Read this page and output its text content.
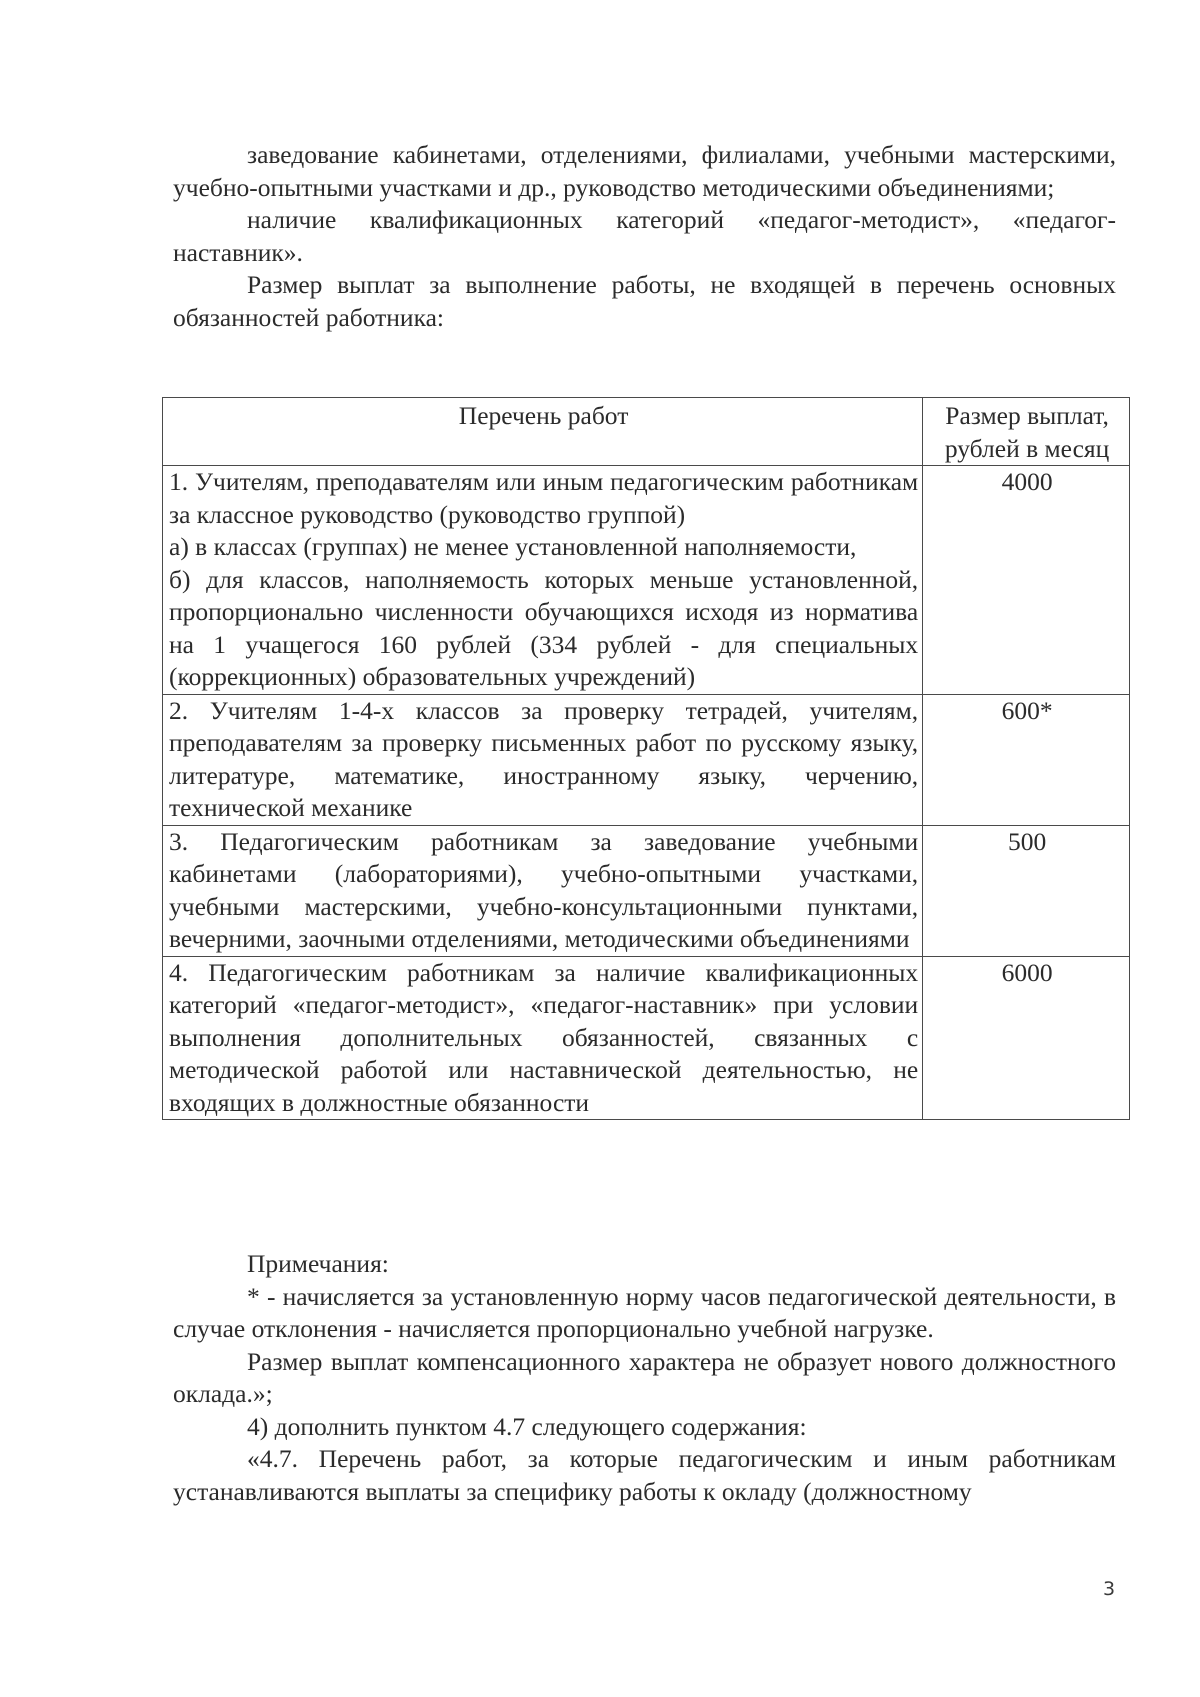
заведование кабинетами, отделениями, филиалами, учебными мастерскими, учебно-опытными участками и др., руководство методическими объединениями;

наличие квалификационных категорий «педагог-методист», «педагог-наставник».

Размер выплат за выполнение работы, не входящей в перечень основных обязанностей работника:

Перечень работ	Размер выплат, рублей в месяц

1. Учителям, преподавателям или иным педагогическим работникам за классное руководство (руководство группой)
а) в классах (группах) не менее установленной наполняемости,
б) для классов, наполняемость которых меньше установленной, пропорционально численности обучающихся исходя из норматива на 1 учащегося 160 рублей (334 рублей - для специальных (коррекционных) образовательных учреждений)	4000

2. Учителям 1-4-х классов за проверку тетрадей, учителям, преподавателям за проверку письменных работ по русскому языку, литературе, математике, иностранному языку, черчению, технической механике	600*

3. Педагогическим работникам за заведование учебными кабинетами (лабораториями), учебно-опытными участками, учебными мастерскими, учебно-консультационными пунктами, вечерними, заочными отделениями, методическими объединениями	500

4. Педагогическим работникам за наличие квалификационных категорий «педагог-методист», «педагог-наставник» при условии выполнения дополнительных обязанностей, связанных с методической работой или наставнической деятельностью, не входящих в должностные обязанности	6000

Примечания:

* - начисляется за установленную норму часов педагогической деятельности, в случае отклонения - начисляется пропорционально учебной нагрузке.

Размер выплат компенсационного характера не образует нового должностного оклада.»;

4) дополнить пунктом 4.7 следующего содержания:

«4.7. Перечень работ, за которые педагогическим и иным работникам устанавливаются выплаты за специфику работы к окладу (должностному

3
